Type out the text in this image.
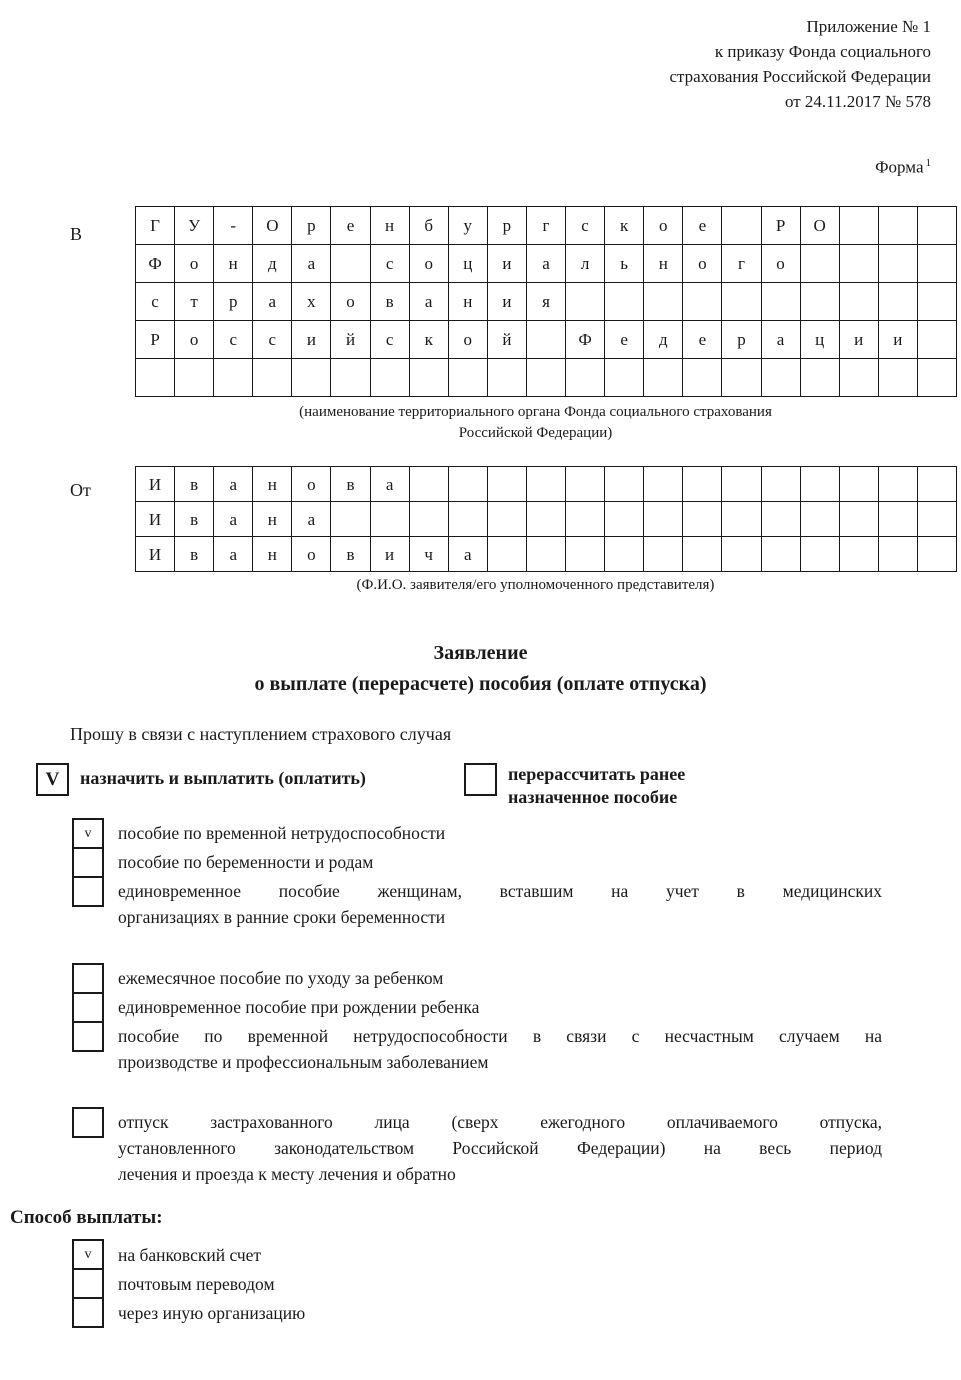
Приложение № 1
к приказу Фонда социального
страхования Российской Федерации
от 24.11.2017 № 578
Форма $^1$
В	Г	У	-	О	р	е	н	б	у	р	г	с	к	о	е		Р	О			
Ф	о	н	д	а		с	о	ц	и	а	л	ь	н	о	г	о				
с	т	р	а	х	о	в	а	н	и	я										
Р	о	с	с	и	й	с	к	о	й		Ф	е	д	е	р	а	ц	и	и	

(наименование территориального органа Фонда социального страхования
Российской Федерации)
От	И	в	а	н	о	в	а														
И	в	а	н	а																
И	в	а	н	о	в	и	ч	а												
(Ф.И.О. заявителя/его уполномоченного представителя)
Заявление
о выплате (перерасчете) пособия (оплате отпуска)
Прошу в связи с наступлением страхового случая
V	назначить и выплатить (оплатить)	перерассчитать ранее
назначенное пособие
v	пособие по временной нетрудоспособности
пособие по беременности и родам
единовременное пособие женщинам, вставшим на учет в медицинских
организациях в ранние сроки беременности
ежемесячное пособие по уходу за ребенком
единовременное пособие при рождении ребенка
пособие по временной нетрудоспособности в связи с несчастным случаем на
производстве и профессиональным заболеванием
отпуск застрахованного лица (сверх ежегодного оплачиваемого отпуска,
установленного законодательством Российской Федерации) на весь период
лечения и проезда к месту лечения и обратно
Способ выплаты:
v	на банковский счет
почтовым переводом
через иную организацию
